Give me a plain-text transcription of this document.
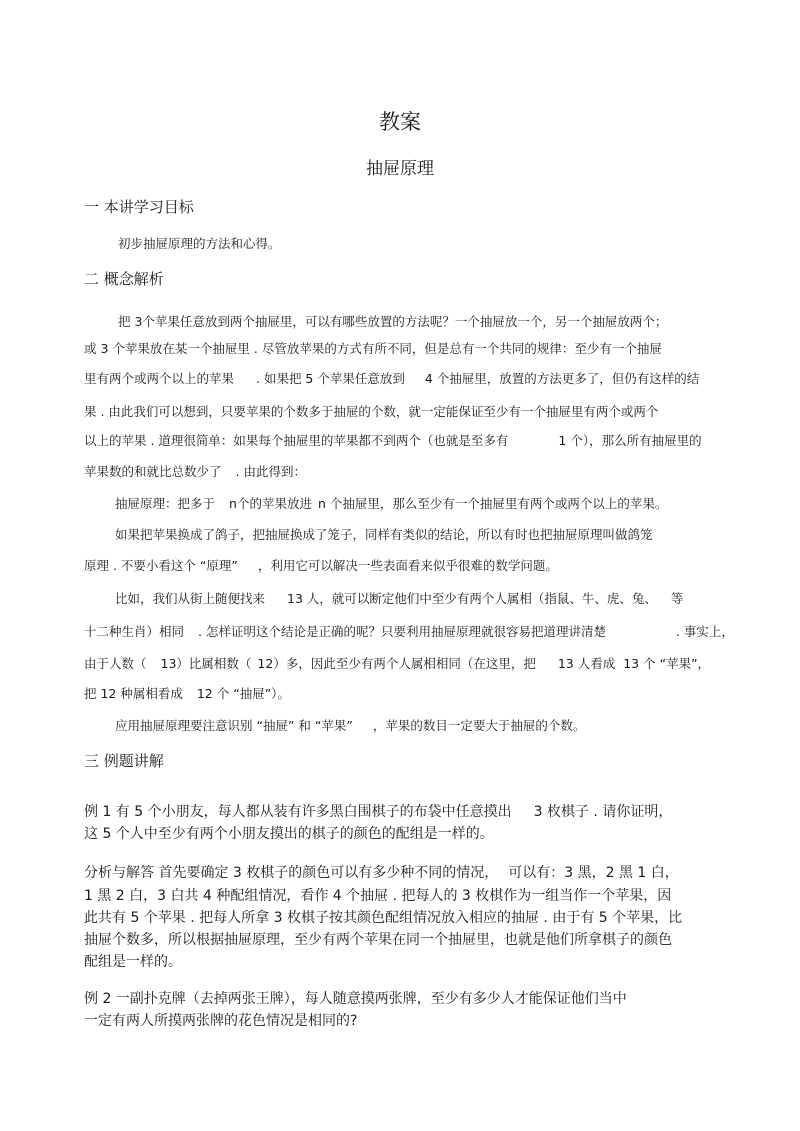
教案
抽屉原理
一 本讲学习目标
初步抽屉原理的方法和心得。
二 概念解析
把 3个苹果任意放到两个抽屉里，可以有哪些放置的方法呢？一个抽屉放一个，另一个抽屉放两个；
或 3 个苹果放在某一个抽屉里 . 尽管放苹果的方式有所不同，但是总有一个共同的规律：至少有一个抽屉
里有两个或两个以上的苹果 . 如果把 5 个苹果任意放到 4 个抽屉里，放置的方法更多了，但仍有这样的结
果 . 由此我们可以想到，只要苹果的个数多于抽屉的个数，就一定能保证至少有一个抽屉里有两个或两个
以上的苹果 . 道理很简单：如果每个抽屉里的苹果都不到两个（也就是至多有	1 个），那么所有抽屉里的
苹果数的和就比总数少了 . 由此得到：
抽屉原理：把多于 n个的苹果放进 n 个抽屉里，那么至少有一个抽屉里有两个或两个以上的苹果。
如果把苹果换成了鸽子，把抽屉换成了笼子，同样有类似的结论，所以有时也把抽屉原理叫做鸽笼
原理 . 不要小看这个 “原理” ，利用它可以解决一些表面看来似乎很难的数学问题。
比如，我们从街上随便找来 13 人，就可以断定他们中至少有两个人属相（指鼠、牛、虎、兔、 等
十二种生肖）相同 . 怎样证明这个结论是正确的呢？只要利用抽屉原理就很容易把道理讲清楚	. 事实上，
由于人数（ 13）比属相数（ 12）多，因此至少有两个人属相相同（在这里，把 13 人看成 13 个 “苹果”，
把 12 种属相看成 12 个 “抽屉”）。
应用抽屉原理要注意识别 “抽屉” 和 “苹果” ，苹果的数目一定要大于抽屉的个数。
三 例题讲解
例 1 有 5 个小朋友，每人都从装有许多黑白围棋子的布袋中任意摸出 3 枚棋子 . 请你证明，
这 5 个人中至少有两个小朋友摸出的棋子的颜色的配组是一样的。
分析与解答 首先要确定 3 枚棋子的颜色可以有多少种不同的情况， 可以有：3 黑，2 黑 1 白，
1 黑 2 白，3 白共 4 种配组情况，看作 4 个抽屉 . 把每人的 3 枚棋作为一组当作一个苹果，因
此共有 5 个苹果 . 把每人所拿 3 枚棋子按其颜色配组情况放入相应的抽屉 . 由于有 5 个苹果，比
抽屉个数多，所以根据抽屉原理，至少有两个苹果在同一个抽屉里，也就是他们所拿棋子的颜色
配组是一样的。
例 2 一副扑克牌（去掉两张王牌），每人随意摸两张牌，至少有多少人才能保证他们当中
一定有两人所摸两张牌的花色情况是相同的?
